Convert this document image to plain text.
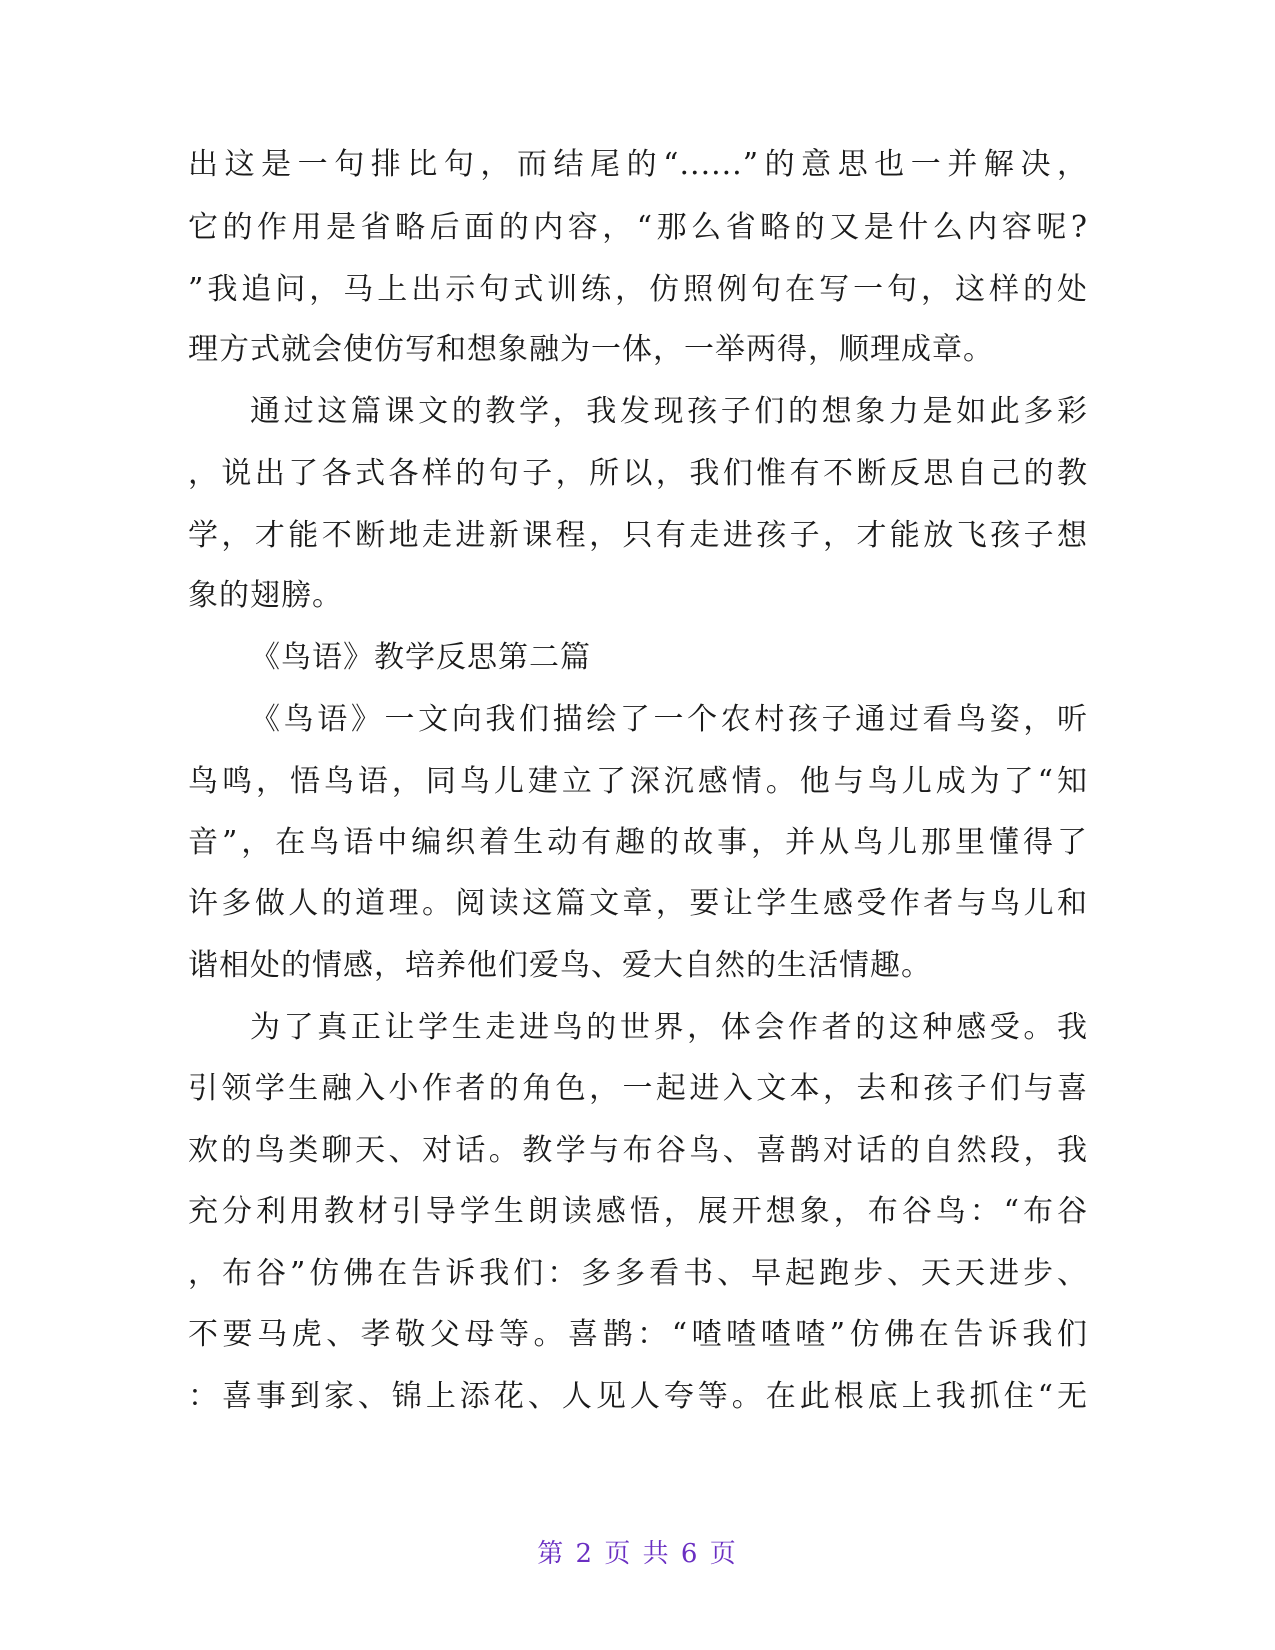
出这是一句排比句，而结尾的“......”的意思也一并解决，
它的作用是省略后面的内容，“那么省略的又是什么内容呢?
”我追问，马上出示句式训练，仿照例句在写一句，这样的处
理方式就会使仿写和想象融为一体，一举两得，顺理成章。
通过这篇课文的教学，我发现孩子们的想象力是如此多彩
，说出了各式各样的句子，所以，我们惟有不断反思自己的教
学，才能不断地走进新课程，只有走进孩子，才能放飞孩子想
象的翅膀。
《鸟语》教学反思第二篇
《鸟语》一文向我们描绘了一个农村孩子通过看鸟姿，听
鸟鸣，悟鸟语，同鸟儿建立了深沉感情。他与鸟儿成为了“知
音”，在鸟语中编织着生动有趣的故事，并从鸟儿那里懂得了
许多做人的道理。阅读这篇文章，要让学生感受作者与鸟儿和
谐相处的情感，培养他们爱鸟、爱大自然的生活情趣。
为了真正让学生走进鸟的世界，体会作者的这种感受。我
引领学生融入小作者的角色，一起进入文本，去和孩子们与喜
欢的鸟类聊天、对话。教学与布谷鸟、喜鹊对话的自然段，我
充分利用教材引导学生朗读感悟，展开想象，布谷鸟：“布谷
，布谷”仿佛在告诉我们：多多看书、早起跑步、天天进步、
不要马虎、孝敬父母等。喜鹊：“喳喳喳喳”仿佛在告诉我们
：喜事到家、锦上添花、人见人夸等。在此根底上我抓住“无
第 2 页 共 6 页
